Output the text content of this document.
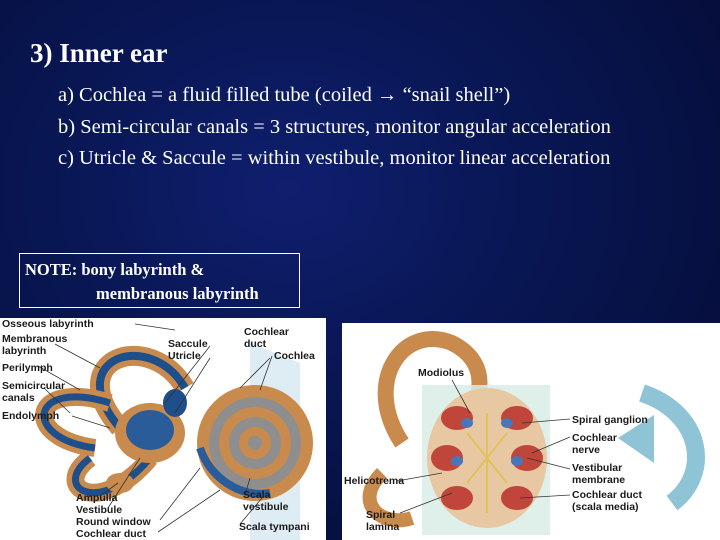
3) Inner ear
a) Cochlea = a fluid filled tube (coiled → “snail shell”)
b) Semi-circular canals = 3 structures, monitor angular acceleration
c) Utricle & Saccule = within vestibule, monitor linear acceleration
NOTE: bony labyrinth &
membranous labyrinth
Osseous labyrinth
Membranous
labyrinth
Perilymph
Semicircular
canals
Endolymph
Saccule
Utricle
Cochlear
duct
Cochlea
Ampulla
Vestibule
Round window
Cochlear duct
Scala
vestibule
Scala tympani
Modiolus
Spiral ganglion
Cochlear
nerve
Vestibular
membrane
Cochlear duct
(scala media)
Helicotrema
Spiral
lamina
